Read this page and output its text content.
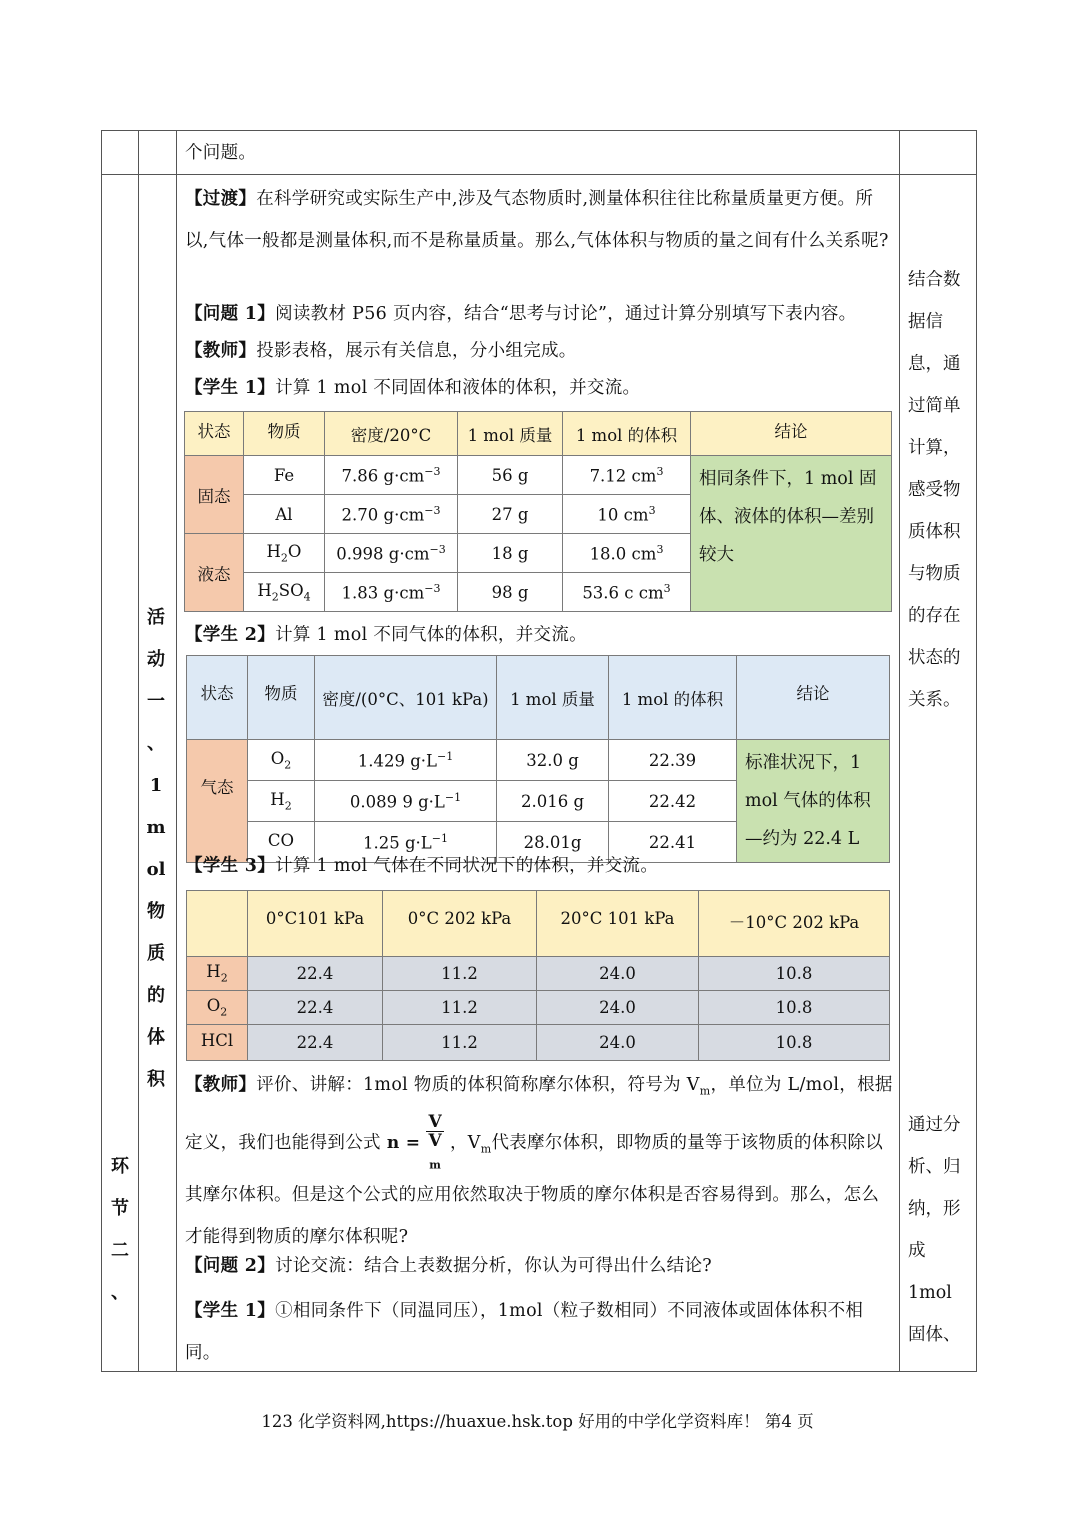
个问题。
环
节
二
、
活
动
一
、
1
m
ol
物
质
的
体
积
【过渡】在科学研究或实际生产中,涉及气态物质时,测量体积往往比称量质量更方便。所以,气体一般都是测量体积,而不是称量质量。那么,气体体积与物质的量之间有什么关系呢?
【问题 1】阅读教材 P56 页内容，结合“思考与讨论”，通过计算分别填写下表内容。
【教师】投影表格，展示有关信息，分小组完成。
【学生 1】计算 1 mol 不同固体和液体的体积，并交流。
状态	物质	密度/20°C	1 mol 质量	1 mol 的体积	结论
固态	Fe	7.86 $g\cdot cm^{-3}$	56 g	7.12 $cm^3$	相同条件下，1 mol 固体、液体的体积—差别较大
	Al	2.70 $g\cdot cm^{-3}$	27 g	10 $cm^3$
液态	$H_2O$	0.998 $g\cdot cm^{-3}$	18 g	18.0 $cm^3$
	$H_2SO_4$	1.83 $g\cdot cm^{-3}$	98 g	53.6 c $cm^3$
【学生 2】计算 1 mol 不同气体的体积，并交流。
状态	物质	密度/(0°C、101 kPa)	1 mol 质量	1 mol 的体积	结论
气态	$O_2$	1.429 $g\cdot L^{-1}$	32.0 g	22.39	标准状况下，1 mol 气体的体积—约为 22.4 L
	$H_2$	0.089 9 $g\cdot L^{-1}$	2.016 g	22.42	
	CO	1.25 $g\cdot L^{-1}$	28.01g	22.41	
【学生 3】计算 1 mol 气体在不同状况下的体积，并交流。
	0°C101 kPa	0°C 202 kPa	20°C 101 kPa	－10°C 202 kPa
$H_2$	22.4	11.2	24.0	10.8
$O_2$	22.4	11.2	24.0	10.8
HCl	22.4	11.2	24.0	10.8
【教师】评价、讲解：1mol 物质的体积简称摩尔体积，符号为 $V_m$，单位为 L/mol，根据定义，我们也能得到公式 n = V
V
$_m$ ，$V_m$代表摩尔体积，即物质的量等于该物质的体积除以其摩尔体积。但是这个公式的应用依然取决于物质的摩尔体积是否容易得到。那么，怎么才能得到物质的摩尔体积呢?
【问题 2】讨论交流：结合上表数据分析，你认为可得出什么结论?
【学生 1】①相同条件下（同温同压），1mol（粒子数相同）不同液体或固体体积不相同。
结合数
据信
息，通
过简单
计算，
感受物
质体积
与物质
的存在
状态的
关系。
通过分
析、归
纳，形
成
1mol
固体、
123 化学资料网,https://huaxue.hsk.top 好用的中学化学资料库！ 第4 页
